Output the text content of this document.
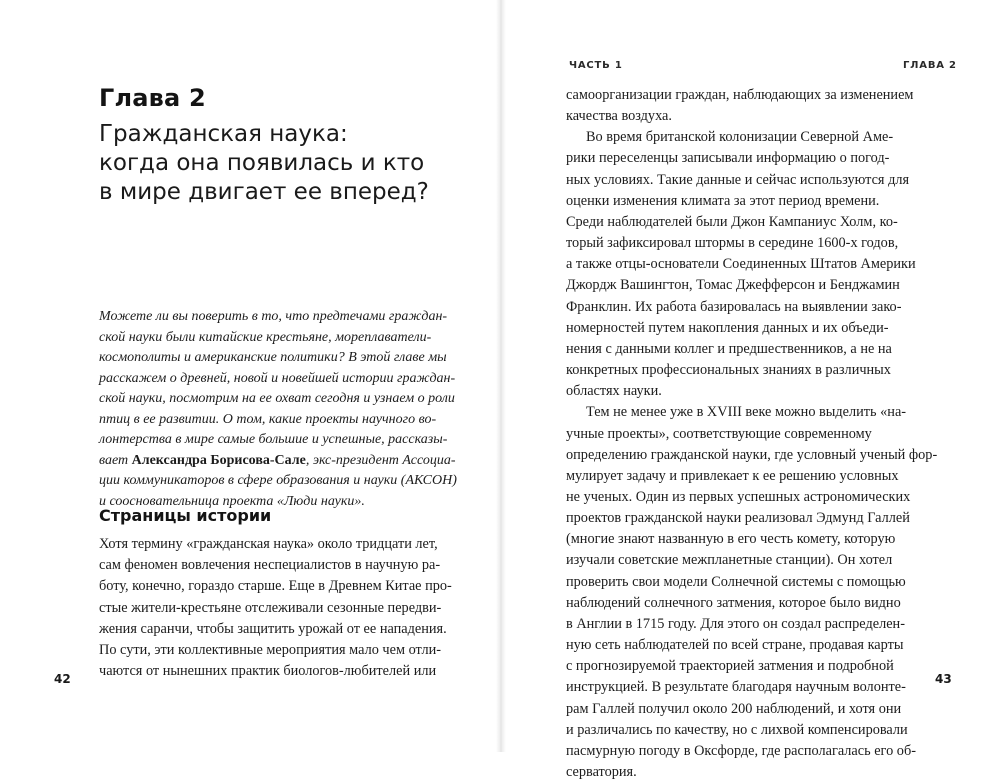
Глава 2
Гражданская наука:
когда она появилась и кто
в мире двигает ее вперед?
Можете ли вы поверить в то, что предтечами граждан-
ской науки были китайские крестьяне, мореплаватели-
космополиты и американские политики? В этой главе мы
расскажем о древней, новой и новейшей истории граждан-
ской науки, посмотрим на ее охват сегодня и узнаем о роли
птиц в ее развитии. О том, какие проекты научного во-
лонтерства в мире самые большие и успешные, рассказы-
вает Александра Борисова-Сале, экс-президент Ассоциа-
ции коммуникаторов в сфере образования и науки (АКСОН)
и соосновательница проекта «Люди науки».
Страницы истории
Хотя термину «гражданская наука» около тридцати лет,
сам феномен вовлечения неспециалистов в научную ра-
боту, конечно, гораздо старше. Еще в Древнем Китае про-
стые жители-крестьяне отслеживали сезонные передви-
жения саранчи, чтобы защитить урожай от ее нападения.
По сути, эти коллективные мероприятия мало чем отли-
чаются от нынешних практик биологов-любителей или
42
ЧАСТЬ 1	ГЛАВА 2
самоорганизации граждан, наблюдающих за изменением
качества воздуха.
Во время британской колонизации Северной Аме-
рики переселенцы записывали информацию о погод-
ных условиях. Такие данные и сейчас используются для
оценки изменения климата за этот период времени.
Среди наблюдателей были Джон Кампаниус Холм, ко-
торый зафиксировал штормы в середине 1600-х годов,
а также отцы-основатели Соединенных Штатов Америки
Джордж Вашингтон, Томас Джефферсон и Бенджамин
Франклин. Их работа базировалась на выявлении зако-
номерностей путем накопления данных и их объеди-
нения с данными коллег и предшественников, а не на
конкретных профессиональных знаниях в различных
областях науки.
Тем не менее уже в XVIII веке можно выделить «на-
учные проекты», соответствующие современному
определению гражданской науки, где условный ученый фор-
мулирует задачу и привлекает к ее решению условных
не ученых. Один из первых успешных астрономических
проектов гражданской науки реализовал Эдмунд Галлей
(многие знают названную в его честь комету, которую
изучали советские межпланетные станции). Он хотел
проверить свои модели Солнечной системы с помощью
наблюдений солнечного затмения, которое было видно
в Англии в 1715 году. Для этого он создал распределен-
ную сеть наблюдателей по всей стране, продавая карты
с прогнозируемой траекторией затмения и подробной
инструкцией. В результате благодаря научным волонте-
рам Галлей получил около 200 наблюдений, и хотя они
и различались по качеству, но с лихвой компенсировали
пасмурную погоду в Оксфорде, где располагалась его об-
серватория.
43
